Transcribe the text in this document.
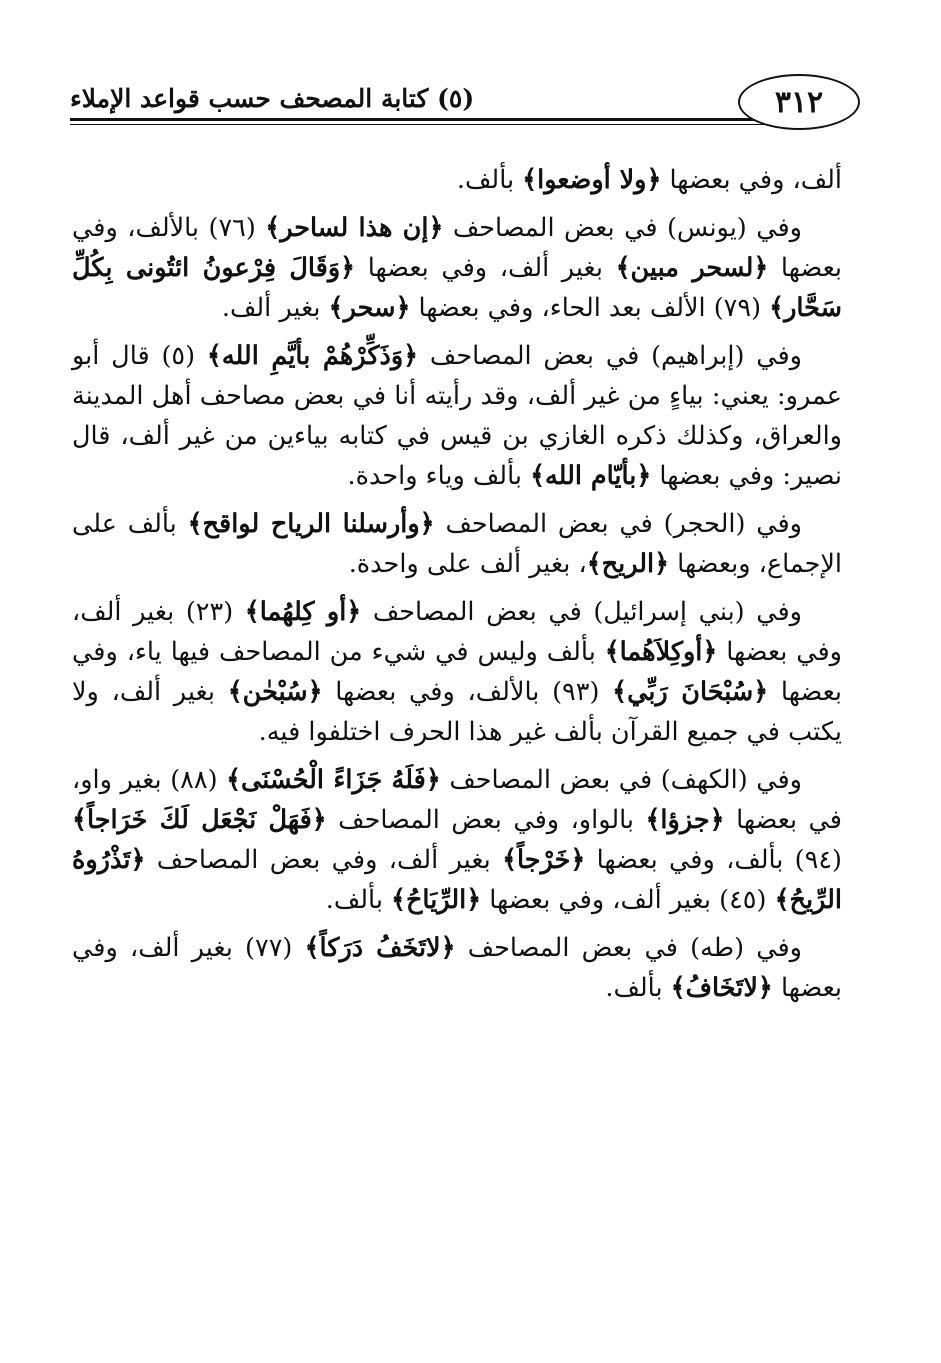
٣١٢
(٥) كتابة المصحف حسب قواعد الإملاء

ألف، وفي بعضها ﴿ولا أوضعوا﴾ بألف.

وفي (يونس) في بعض المصاحف ﴿إن هذا لساحر﴾ (٧٦) بالألف، وفي بعضها ﴿لسحر مبين﴾ بغير ألف، وفي بعضها ﴿وَقَالَ فِرْعونُ ائتُونى بِكُلِّ سَحَّار﴾ (٧٩) الألف بعد الحاء، وفي بعضها ﴿سحر﴾ بغير ألف.

وفي (إبراهيم) في بعض المصاحف ﴿وَذَكِّرْهُمْ بأيَّمِ الله﴾ (٥) قال أبو عمرو: يعني: بياءٍ من غير ألف، وقد رأيته أنا في بعض مصاحف أهل المدينة والعراق، وكذلك ذكره الغازي بن قيس في كتابه بياءين من غير ألف، قال نصير: وفي بعضها ﴿بأيّام الله﴾ بألف وياء واحدة.

وفي (الحجر) في بعض المصاحف ﴿وأرسلنا الرياح لواقح﴾ بألف على الإجماع، وبعضها ﴿الريح﴾، بغير ألف على واحدة.

وفي (بني إسرائيل) في بعض المصاحف ﴿أو كِلهُما﴾ (٢٣) بغير ألف، وفي بعضها ﴿أوكِلاَهُما﴾ بألف وليس في شيء من المصاحف فيها ياء، وفي بعضها ﴿سُبْحَانَ رَبِّي﴾ (٩٣) بالألف، وفي بعضها ﴿سُبْحٰن﴾ بغير ألف، ولا يكتب في جميع القرآن بألف غير هذا الحرف اختلفوا فيه.

وفي (الكهف) في بعض المصاحف ﴿فَلَهُ جَزَاءً الْحُسْنَى﴾ (٨٨) بغير واو، في بعضها ﴿جزؤا﴾ بالواو، وفي بعض المصاحف ﴿فَهَلْ نَجْعَل لَكَ خَرَاجاً﴾ (٩٤) بألف، وفي بعضها ﴿خَرْجاً﴾ بغير ألف، وفي بعض المصاحف ﴿تَذْرُوهُ الرِّيحُ﴾ (٤٥) بغير ألف، وفي بعضها ﴿الرِّيَاحُ﴾ بألف.

وفي (طه) في بعض المصاحف ﴿لاتَخَفُ دَرَكاً﴾ (٧٧) بغير ألف، وفي بعضها ﴿لاتَخَافُ﴾ بألف.
